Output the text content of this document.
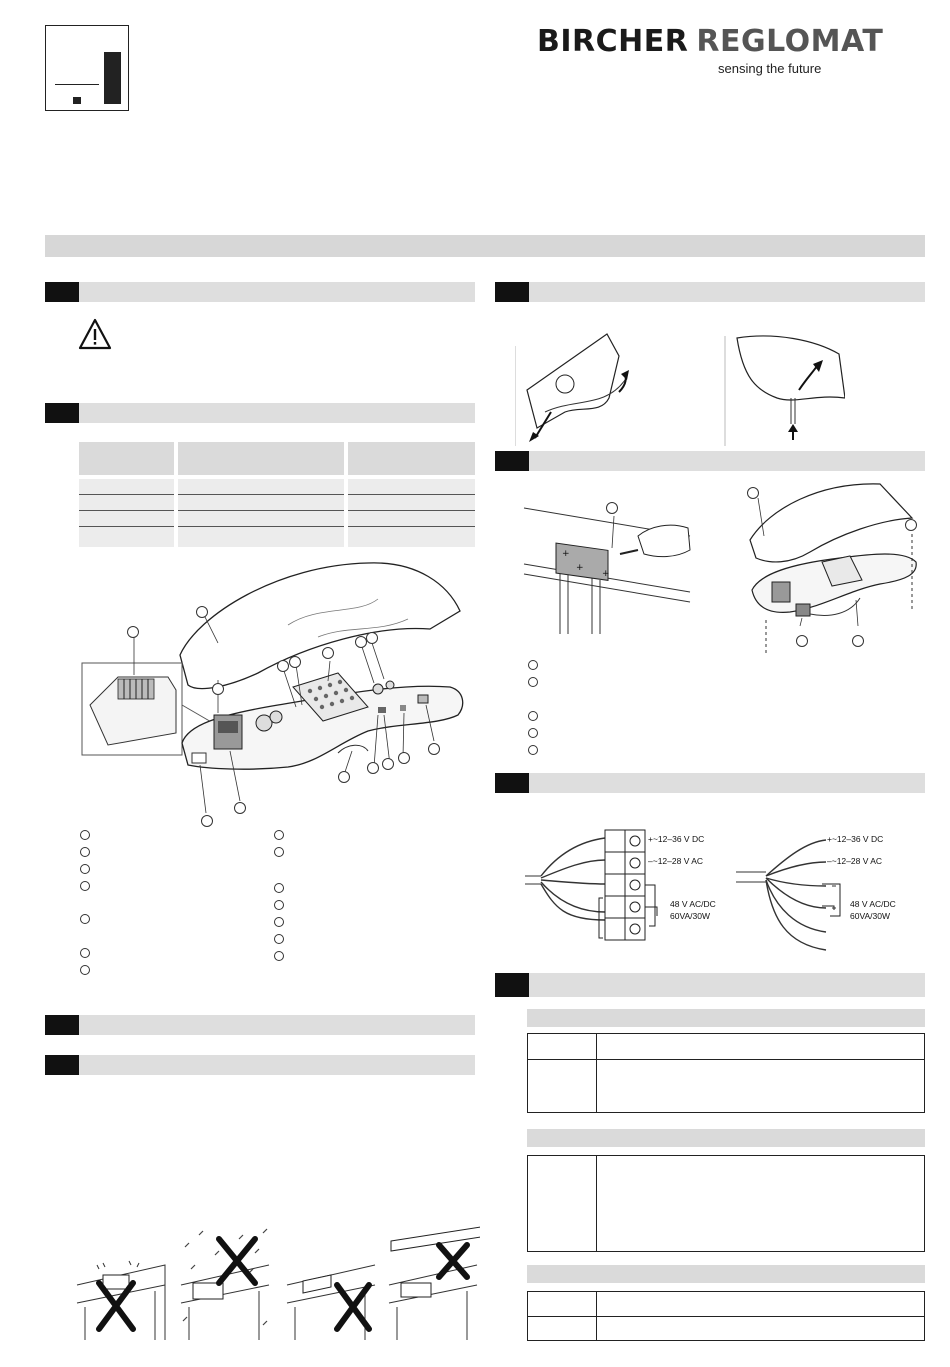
BIRCHER REGLOMAT
sensing the future
+
+
+
+~12–36 V DC
–~12–28 V AC
48 V AC/DC
60VA/30W
+~12–36 V DC
–~12–28 V AC
48 V AC/DC
60VA/30W
